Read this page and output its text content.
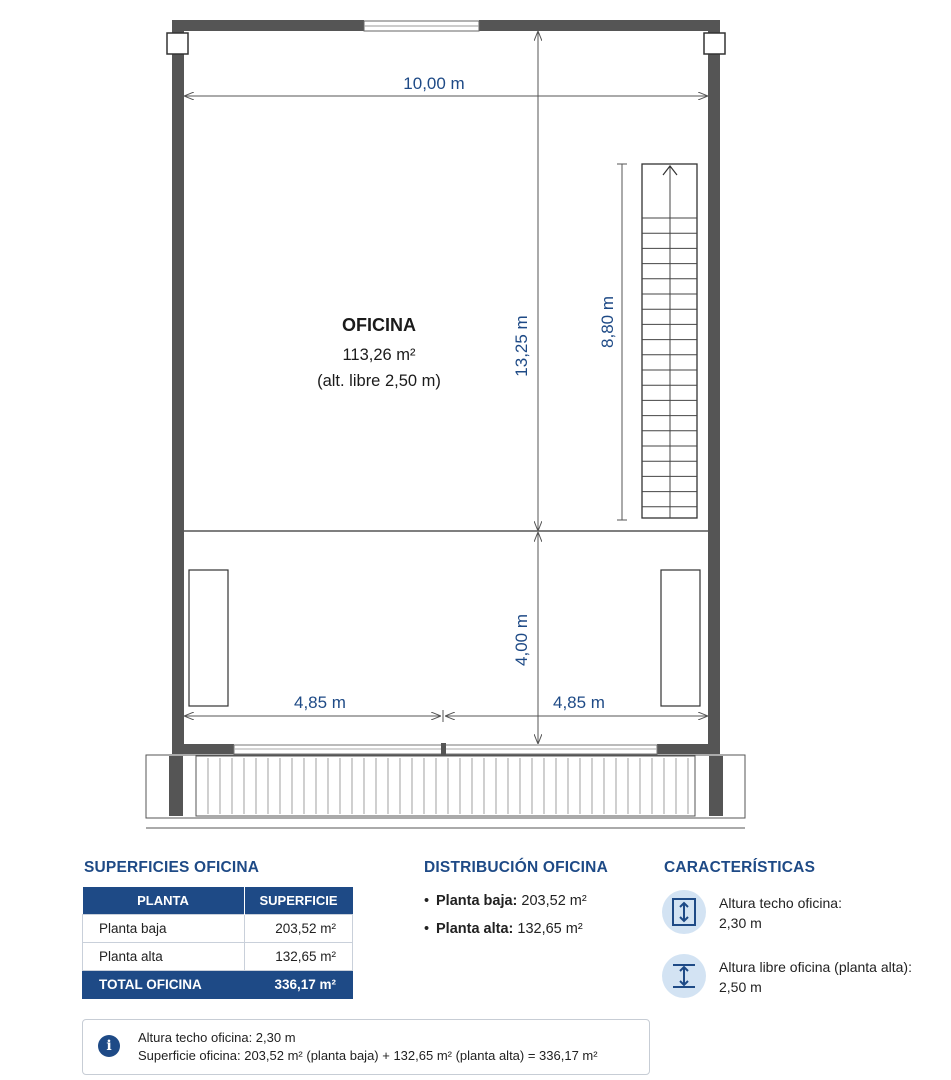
10,00 m
13,25 m	8,80 m
4,00 m
4,85 m	4,85 m
OFICINA
113,26 m²
(alt. libre 2,50 m)
SUPERFICIES OFICINA
PLANTA	SUPERFICIE
Planta baja	203,52 m²
Planta alta	132,65 m²
TOTAL OFICINA	336,17 m²
DISTRIBUCIÓN OFICINA
• Planta baja: 203,52 m²
• Planta alta: 132,65 m²
CARACTERÍSTICAS
Altura techo oficina:
2,30 m
Altura libre oficina (planta alta):
2,50 m
i
Altura techo oficina: 2,30 m
Superficie oficina: 203,52 m² (planta baja) + 132,65 m² (planta alta) = 336,17 m²
